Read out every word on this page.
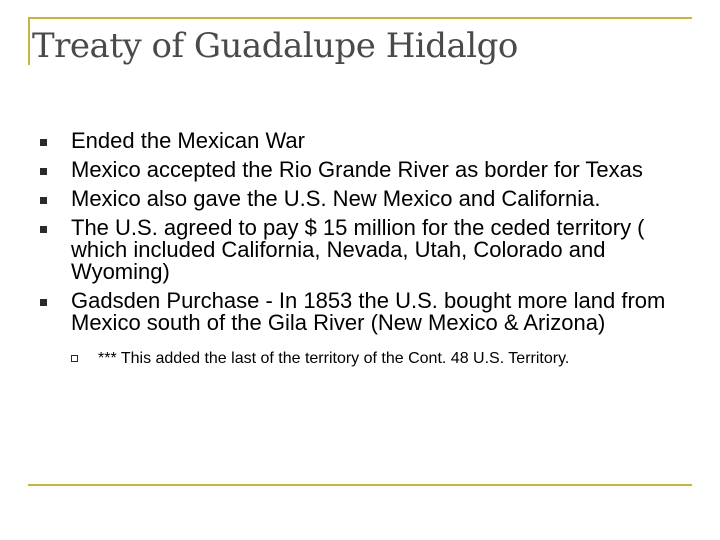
Treaty of Guadalupe Hidalgo
Ended the Mexican War
Mexico accepted the Rio Grande River as border for Texas
Mexico also gave the U.S. New Mexico and California.
The U.S. agreed to pay $ 15 million for the ceded territory ( which included California, Nevada, Utah, Colorado and Wyoming)
Gadsden Purchase - In 1853 the U.S. bought more land from Mexico south of the Gila River (New Mexico & Arizona)
*** This added the last of the territory of the Cont. 48 U.S. Territory.
